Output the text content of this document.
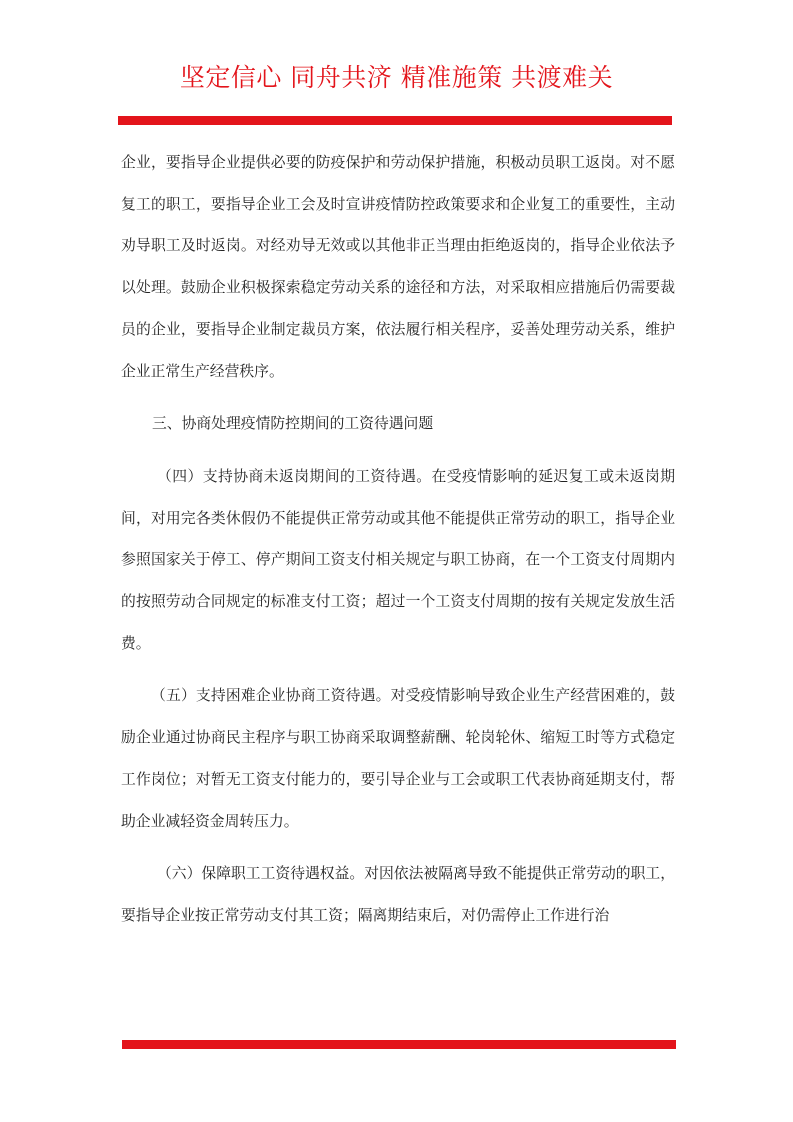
坚定信心 同舟共济 精准施策 共渡难关

企业，要指导企业提供必要的防疫保护和劳动保护措施，积极动员职工返岗。对不愿复工的职工，要指导企业工会及时宣讲疫情防控政策要求和企业复工的重要性，主动劝导职工及时返岗。对经劝导无效或以其他非正当理由拒绝返岗的，指导企业依法予以处理。鼓励企业积极探索稳定劳动关系的途径和方法，对采取相应措施后仍需要裁员的企业，要指导企业制定裁员方案，依法履行相关程序，妥善处理劳动关系，维护企业正常生产经营秩序。

三、协商处理疫情防控期间的工资待遇问题

（四）支持协商未返岗期间的工资待遇。在受疫情影响的延迟复工或未返岗期间，对用完各类休假仍不能提供正常劳动或其他不能提供正常劳动的职工，指导企业参照国家关于停工、停产期间工资支付相关规定与职工协商，在一个工资支付周期内的按照劳动合同规定的标准支付工资；超过一个工资支付周期的按有关规定发放生活费。

（五）支持困难企业协商工资待遇。对受疫情影响导致企业生产经营困难的，鼓励企业通过协商民主程序与职工协商采取调整薪酬、轮岗轮休、缩短工时等方式稳定工作岗位；对暂无工资支付能力的，要引导企业与工会或职工代表协商延期支付，帮助企业减轻资金周转压力。

（六）保障职工工资待遇权益。对因依法被隔离导致不能提供正常劳动的职工，要指导企业按正常劳动支付其工资；隔离期结束后，对仍需停止工作进行治
